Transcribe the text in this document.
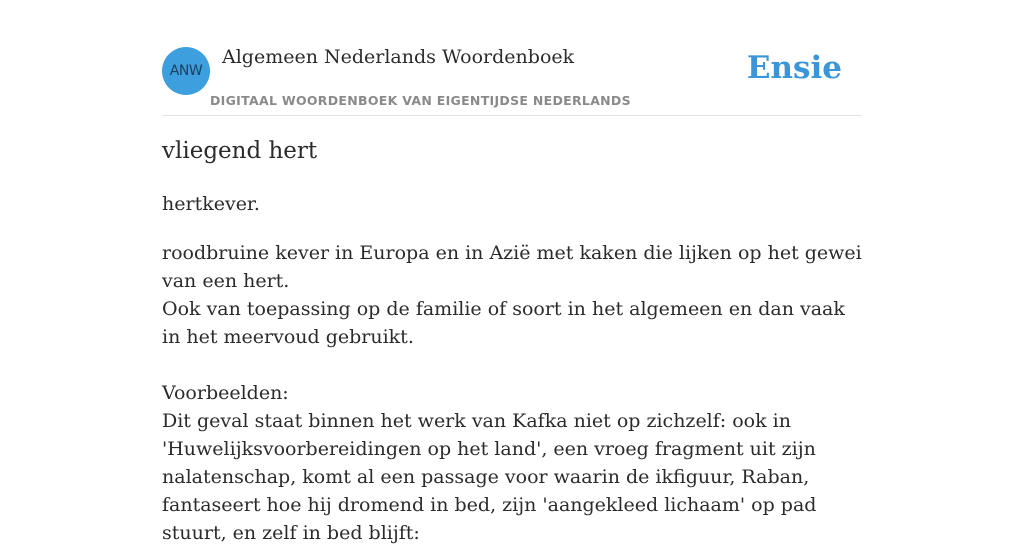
ANW
Algemeen Nederlands Woordenboek
DIGITAAL WOORDENBOEK VAN EIGENTIJDSE NEDERLANDS
Ensie
vliegend hert
hertkever.

roodbruine kever in Europa en in Azië met kaken die lijken op het gewei van een hert.

Ook van toepassing op de familie of soort in het algemeen en dan vaak in het meervoud gebruikt.

Voorbeelden:

Dit geval staat binnen het werk van Kafka niet op zichzelf: ook in 'Huwelijksvoorbereidingen op het land', een vroeg fragment uit zijn nalatenschap, komt al een passage voor waarin de ikfiguur, Raban, fantaseert hoe hij dromend in bed, zijn 'aangekleed lichaam' op pad stuurt, en zelf in bed blijft:
